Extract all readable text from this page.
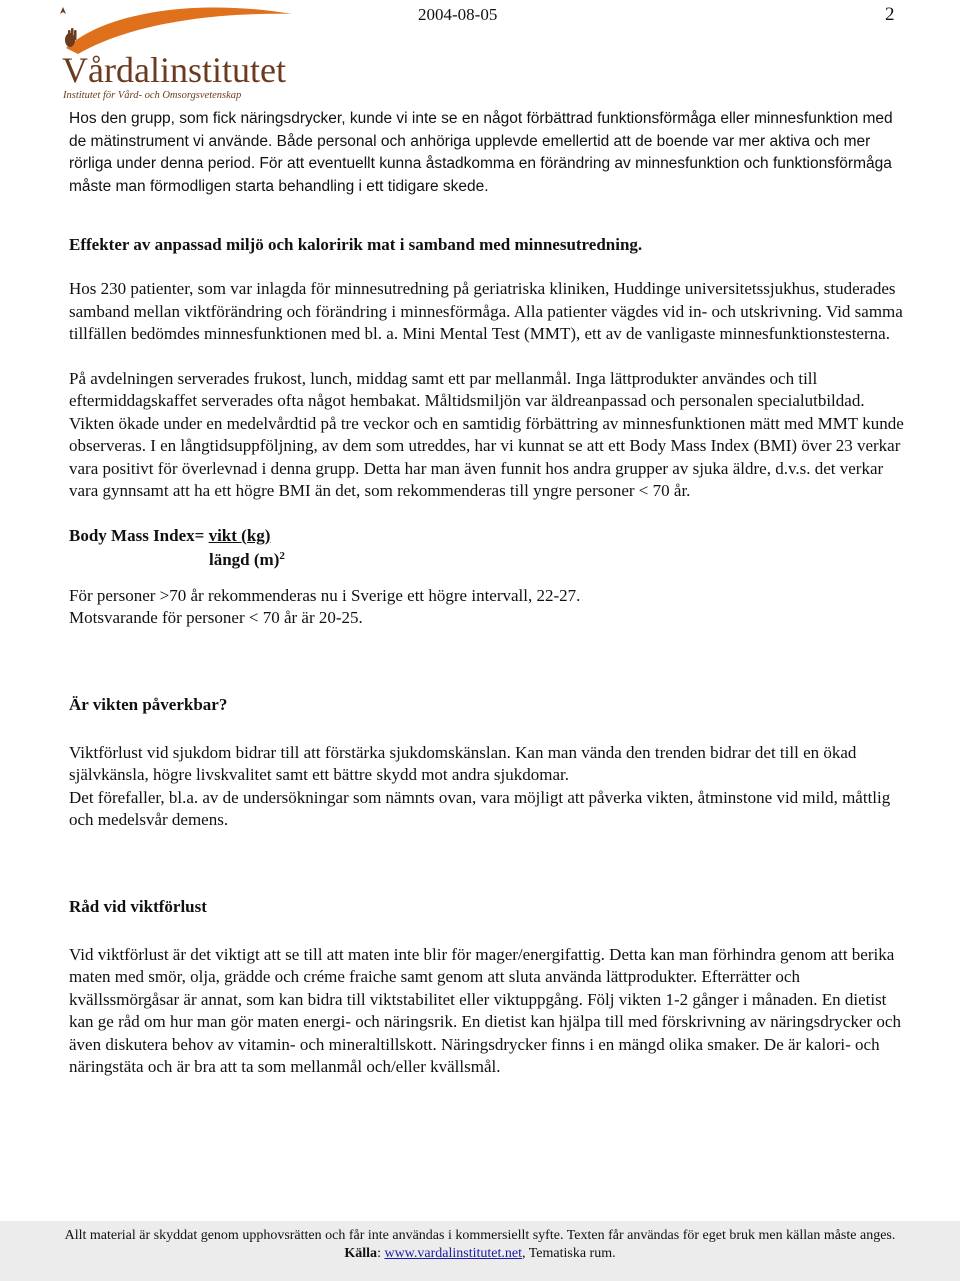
Vårdalinstitutet
Institutet för Vård- och Omsorgsvetenskap
2004-08-05	2

Hos den grupp, som fick näringsdrycker, kunde vi inte se en något förbättrad funktionsförmåga eller minnesfunktion med de mätinstrument vi använde. Både personal och anhöriga upplevde emellertid att de boende var mer aktiva och mer rörliga under denna period. För att eventuellt kunna åstadkomma en förändring av minnesfunktion och funktionsförmåga måste man förmodligen starta behandling i ett tidigare skede.

Effekter av anpassad miljö och kaloririk mat i samband med minnesutredning.

Hos 230 patienter, som var inlagda för minnesutredning på geriatriska kliniken, Huddinge universitetssjukhus, studerades samband mellan viktförändring och förändring i minnesförmåga. Alla patienter vägdes vid in- och utskrivning. Vid samma tillfällen bedömdes minnesfunktionen med bl. a. Mini Mental Test (MMT), ett av de vanligaste minnesfunktionstesterna.

På avdelningen serverades frukost, lunch, middag samt ett par mellanmål. Inga lättprodukter användes och till eftermiddagskaffet serverades ofta något hembakat. Måltidsmiljön var äldreanpassad och personalen specialutbildad.

Vikten ökade under en medelvårdtid på tre veckor och en samtidig förbättring av minnesfunktionen mätt med MMT kunde observeras. I en långtidsuppföljning, av dem som utreddes, har vi kunnat se att ett Body Mass Index (BMI) över 23 verkar vara positivt för överlevnad i denna grupp. Detta har man även funnit hos andra grupper av sjuka äldre, d.v.s. det verkar vara gynnsamt att ha ett högre BMI än det, som rekommenderas till yngre personer < 70 år.

Body Mass Index= vikt (kg)
längd $(m)^2$

För personer >70 år rekommenderas nu i Sverige ett högre intervall, 22-27.

Motsvarande för personer < 70 år är 20-25.

Är vikten påverkbar?

Viktförlust vid sjukdom bidrar till att förstärka sjukdomskänslan. Kan man vända den trenden bidrar det till en ökad självkänsla, högre livskvalitet samt ett bättre skydd mot andra sjukdomar.

Det förefaller, bl.a. av de undersökningar som nämnts ovan, vara möjligt att påverka vikten, åtminstone vid mild, måttlig och medelsvår demens.

Råd vid viktförlust

Vid viktförlust är det viktigt att se till att maten inte blir för mager/energifattig. Detta kan man förhindra genom att berika maten med smör, olja, grädde och créme fraiche samt genom att sluta använda lättprodukter. Efterrätter och kvällssmörgåsar är annat, som kan bidra till viktstabilitet eller viktuppgång. Följ vikten 1-2 gånger i månaden. En dietist kan ge råd om hur man gör maten energi- och näringsrik. En dietist kan hjälpa till med förskrivning av näringsdrycker och även diskutera behov av vitamin- och mineraltillskott. Näringsdrycker finns i en mängd olika smaker. De är kalori- och näringstäta och är bra att ta som mellanmål och/eller kvällsmål.

Allt material är skyddat genom upphovsrätten och får inte användas i kommersiellt syfte. Texten får användas för eget bruk men källan måste anges.
Källa: www.vardalinstitutet.net, Tematiska rum.
